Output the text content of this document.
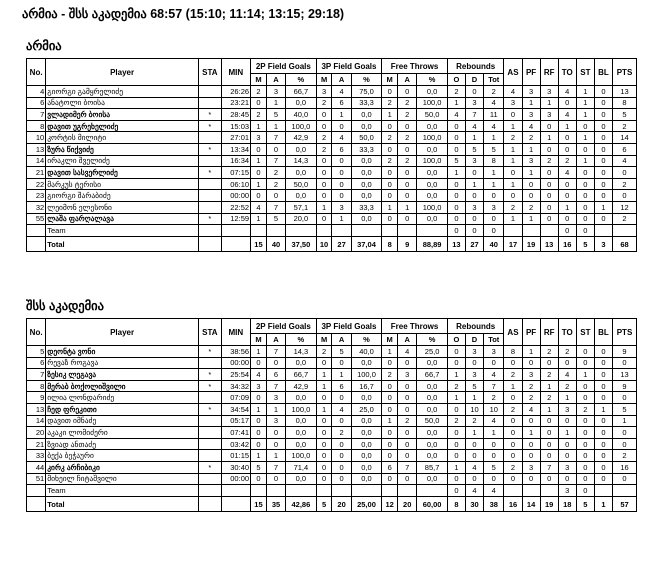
არმია - შსს აკადემია 68:57 (15:10; 11:14; 13:15; 29:18)
არმია
No.	Player	STA	MIN	2P Field Goals			3P Field Goals			Free Throws			Rebounds			AS	PF	RF	TO	ST	BL	PTS
				M	A	%	M	A	%	M	A	%	O	D	Tot							
4	გიორგი გამყრელიძე		26:26	2	3	66,7	3	4	75,0	0	0	0,0	2	0	2	4	3	3	4	1	0	13
6	ანატოლი ბოისა		23:21	0	1	0,0	2	6	33,3	2	2	100,0	1	3	4	3	1	1	0	1	0	8
7	ვლადიმერ ბოისა	*	28:45	2	5	40,0	0	1	0,0	1	2	50,0	4	7	11	0	3	3	4	1	0	5
8	დავით უგრეხელიძე	*	15:03	1	1	100,0	0	0	0,0	0	0	0,0	0	4	4	1	4	0	1	0	0	2
10	კორტის მილიტი		27:01	3	7	42,9	2	4	50,0	2	2	100,0	0	1	1	2	2	1	0	1	0	14
13	ზურა წიქვიძე	*	13:34	0	0	0,0	2	6	33,3	0	0	0,0	0	5	5	1	1	0	0	0	0	6
14	ირაკლი შველიძე		16:34	1	7	14,3	0	0	0,0	2	2	100,0	5	3	8	1	3	2	2	1	0	4
21	დავით სასვერლიძე	*	07:15	0	2	0,0	0	0	0,0	0	0	0,0	1	0	1	0	1	0	4	0	0	0
22	მარკუს ტერისი		06:10	1	2	50,0	0	0	0,0	0	0	0,0	0	1	1	1	0	0	0	0	0	2
23	გიორგი შარაბიძე		00:00	0	0	0,0	0	0	0,0	0	0	0,0	0	0	0	0	0	0	0	0	0	0
32	ლეიმონ ელესონი		22:52	4	7	57,1	1	3	33,3	1	1	100,0	0	3	3	2	2	0	1	0	1	12
55	ლაშა ფარღალავა	*	12:59	1	5	20,0	0	1	0,0	0	0	0,0	0	0	0	1	1	0	0	0	0	2
	Team												0	0	0				0	0		
	Total			15	40	37,50	10	27	37,04	8	9	88,89	13	27	40	17	19	13	16	5	3	68
შსს აკადემია
No.	Player	STA	MIN	2P Field Goals			3P Field Goals			Free Throws			Rebounds			AS	PF	RF	TO	ST	BL	PTS
				M	A	%	M	A	%	M	A	%	O	D	Tot							
5	დეონტა ვონი	*	38:56	1	7	14,3	2	5	40,0	1	4	25,0	0	3	3	8	1	2	2	0	0	9
6	რევაზ როგავა		00:00	0	0	0,0	0	0	0,0	0	0	0,0	0	0	0	0	0	0	0	0	0	0
7	ზესიკ ლეგავა	*	25:54	4	6	66,7	1	1	100,0	2	3	66,7	1	3	4	2	3	2	4	1	0	13
8	მერაბ ბოქოლიშვილი	*	34:32	3	7	42,9	1	6	16,7	0	0	0,0	2	5	7	1	2	1	2	0	0	9
9	ილია ლონდარიძე		07:09	0	3	0,0	0	0	0,0	0	0	0,0	1	1	2	0	2	2	1	0	0	0
13	ჩედ ფრეკითი	*	34:54	1	1	100,0	1	4	25,0	0	0	0,0	0	10	10	2	4	1	3	2	1	5
14	დავით იმნაძე		05:17	0	3	0,0	0	0	0,0	1	2	50,0	2	2	4	0	0	0	0	0	0	1
20	აკაკი ლომიძერი		07:41	0	0	0,0	0	2	0,0	0	0	0,0	0	1	1	0	1	0	1	0	0	0
21	ზვიად ანთაძე		03:42	0	0	0,0	0	0	0,0	0	0	0,0	0	0	0	0	0	0	0	0	0	0
33	ბექა ბეჭაური		01:15	1	1	100,0	0	0	0,0	0	0	0,0	0	0	0	0	0	0	0	0	0	2
44	კირკ არჩიბიკი	*	30:40	5	7	71,4	0	0	0,0	6	7	85,7	1	4	5	2	3	7	3	0	0	16
51	მიხეილ ჩიტაშვილი		00:00	0	0	0,0	0	0	0,0	0	0	0,0	0	0	0	0	0	0	0	0	0	0
	Team												0	4	4				3	0		
	Total			15	35	42,86	5	20	25,00	12	20	60,00	8	30	38	16	14	19	18	5	1	57
